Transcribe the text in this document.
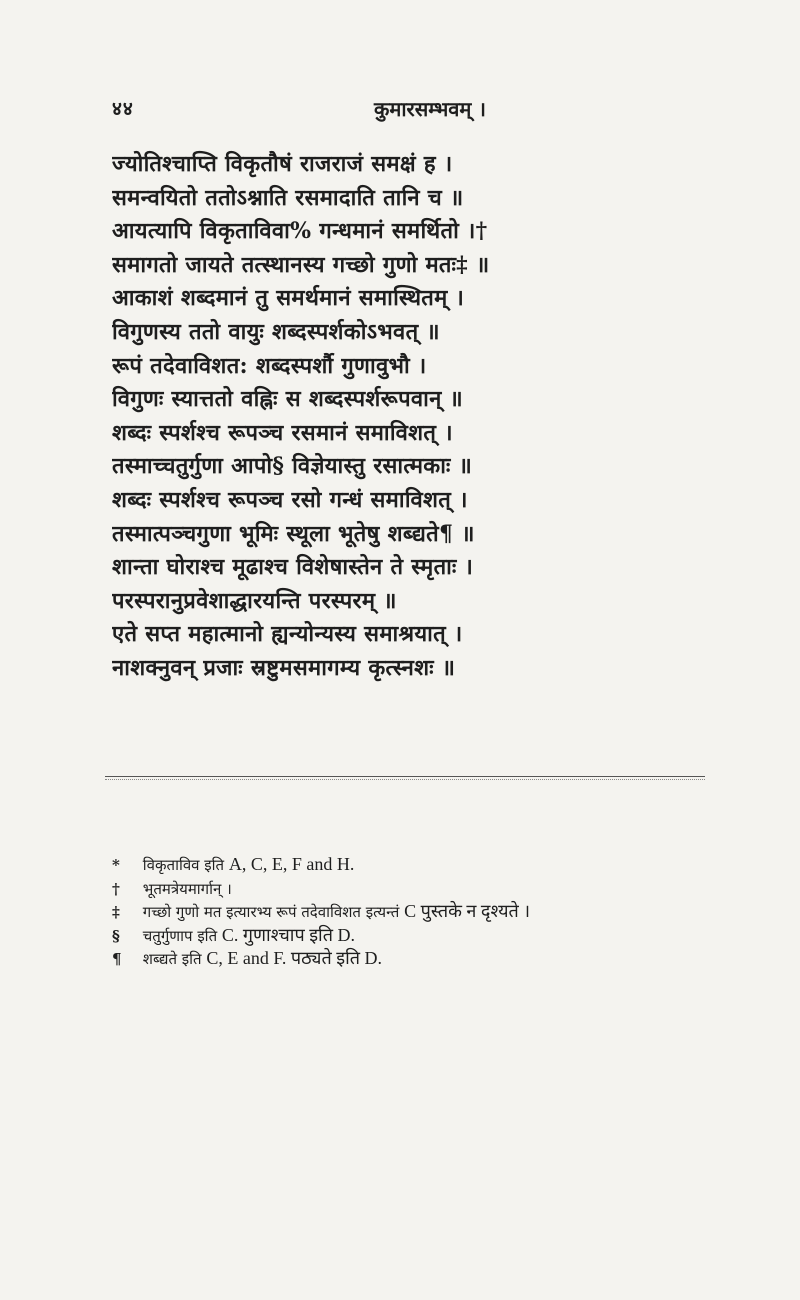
४४	कुमारसम्भवम् ।
ज्योतिश्चाप्ति विकृतौषं राजराजं समक्षं ह ।
समन्वयितो ततोऽश्नाति रसमादाति तानि च ॥
आयत्यापि विकृताविवा% गन्धमानं समर्थितो ।†
समागतो जायते तत्स्थानस्य गच्छो गुणो मतः‡ ॥
आकाशं शब्दमानं तु समर्थमानं समास्थितम् ।
विगुणस्य ततो वायुः शब्दस्पर्शकोऽभवत् ॥
रूपं तदेवाविशत: शब्दस्पर्शौ गुणावुभौ ।
विगुणः स्यात्ततो वह्निः स शब्दस्पर्शरूपवान् ॥
शब्दः स्पर्शश्च रूपञ्च रसमानं समाविशत् ।
तस्माच्चतुर्गुणा आपो§ विज्ञेयास्तु रसात्मकाः ॥
शब्दः स्पर्शश्च रूपञ्च रसो गन्धं समाविशत् ।
तस्मात्पञ्चगुणा भूमिः स्थूला भूतेषु शब्द्यते¶ ॥
शान्ता घोराश्च मूढाश्च विशेषास्तेन ते स्मृताः ।
परस्परानुप्रवेशाद्धारयन्ति परस्परम् ॥
एते सप्त महात्मानो ह्यन्योन्यस्य समाश्रयात् ।
नाशक्नुवन् प्रजाः स्रष्टुमसमागम्य कृत्स्नशः ॥
* विकृताविव इति A, C, E, F and H.
† भूतमत्रेयमार्गान् ।
‡ गच्छो गुणो मत इत्यारभ्य रूपं तदेवाविशत इत्यन्तं C पुस्तके न दृश्यते ।
§ चतुर्गुणाप इति C. गुणाश्चाप इति D.
¶ शब्द्यते इति C, E and F. पठ्यते इति D.
